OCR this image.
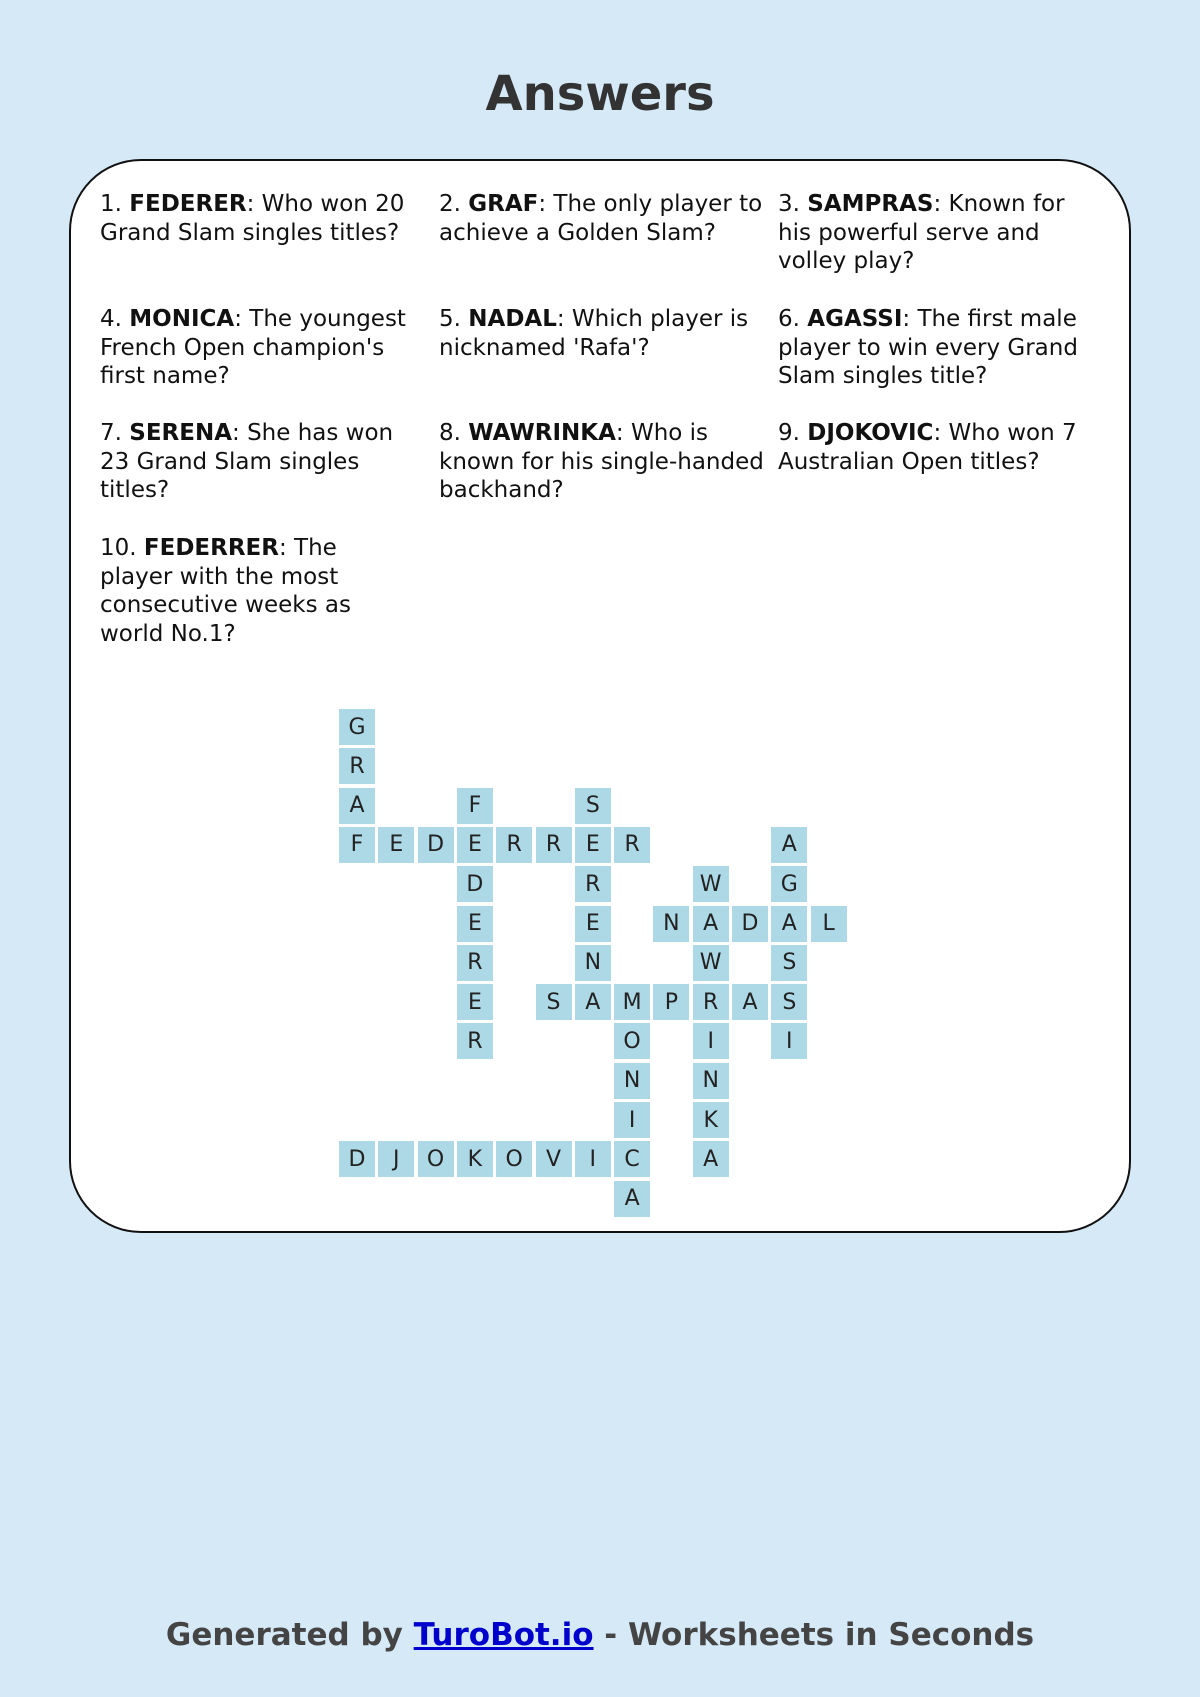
Answers
1. FEDERER: Who won 20 Grand Slam singles titles?
2. GRAF: The only player to achieve a Golden Slam?
3. SAMPRAS: Known for his powerful serve and volley play?
4. MONICA: The youngest French Open champion's first name?
5. NADAL: Which player is nicknamed 'Rafa'?
6. AGASSI: The first male player to win every Grand Slam singles title?
7. SERENA: She has won 23 Grand Slam singles titles?
8. WAWRINKA: Who is known for his single-handed backhand?
9. DJOKOVIC: Who won 7 Australian Open titles?
10. FEDERRER: The player with the most consecutive weeks as world No.1?
G
R
A
F	E	D	E	R	R	E	R
F
D
E
R
E
R
S
R
E
N
A
W
A
W
R
I
N
K
A
A
G
A
S
S
I
N	D	L
S	M	P	A
O
N
I
C
A
D	J	O	K	O	V	I
Generated by TuroBot.io - Worksheets in Seconds
